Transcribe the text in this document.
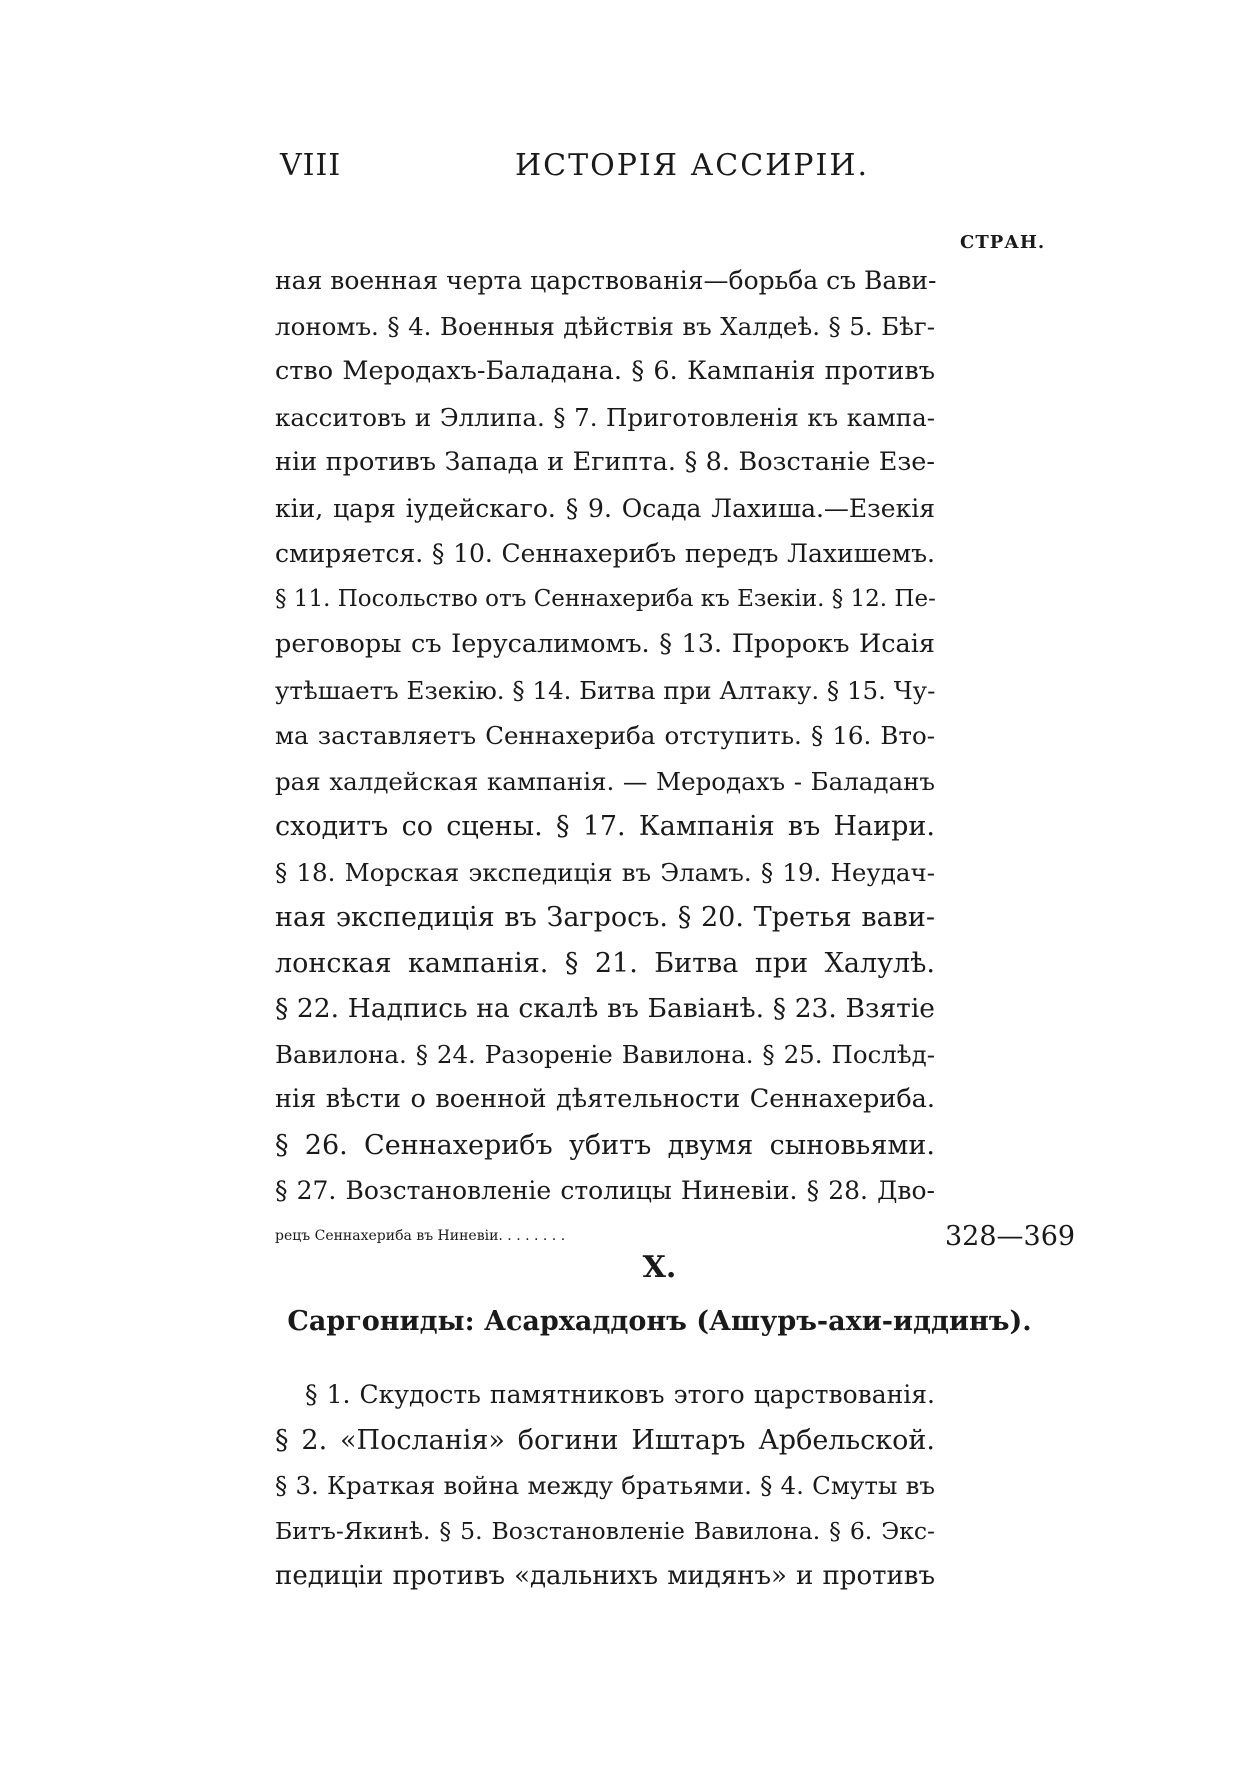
VIII	ИСТОРІЯ АССИРІИ.
СТРАН.
ная военная черта царствованія—борьба съ Вави-
лономъ. § 4. Военныя дѣйствія въ Халдеѣ. § 5. Бѣг-
ство Меродахъ-Баладана. § 6. Кампанія противъ
касситовъ и Эллипа. § 7. Приготовленія къ кампа-
ніи противъ Запада и Египта. § 8. Возстаніе Езе-
кіи, царя іудейскаго. § 9. Осада Лахиша.—Езекія
смиряется. § 10. Сеннахерибъ передъ Лахишемъ.
§ 11. Посольство отъ Сеннахериба къ Езекіи. § 12. Пе-
реговоры съ Іерусалимомъ. § 13. Пророкъ Исаія
утѣшаетъ Езекію. § 14. Битва при Алтаку. § 15. Чу-
ма заставляетъ Сеннахериба отступить. § 16. Вто-
рая халдейская кампанія. — Меродахъ - Баладанъ
сходитъ со сцены. § 17. Кампанія въ Наири.
§ 18. Морская экспедиція въ Эламъ. § 19. Неудач-
ная экспедиція въ Загросъ. § 20. Третья вави-
лонская кампанія. § 21. Битва при Халулѣ.
§ 22. Надпись на скалѣ въ Бавіанѣ. § 23. Взятіе
Вавилона. § 24. Разореніе Вавилона. § 25. Послѣд-
нія вѣсти о военной дѣятельности Сеннахериба.
§ 26. Сеннахерибъ убитъ двумя сыновьями.
§ 27. Возстановленіе столицы Ниневіи. § 28. Дво-
рецъ Сеннахериба въ Ниневіи. . . . . . . .	328—369
X.
Саргониды: Асархаддонъ (Ашуръ-ахи-иддинъ).
§ 1. Скудость памятниковъ этого царствованія.
§ 2. «Посланія» богини Иштаръ Арбельской.
§ 3. Краткая война между братьями. § 4. Смуты въ
Битъ-Якинѣ. § 5. Возстановленіе Вавилона. § 6. Экс-
педиціи противъ «дальнихъ мидянъ» и противъ
